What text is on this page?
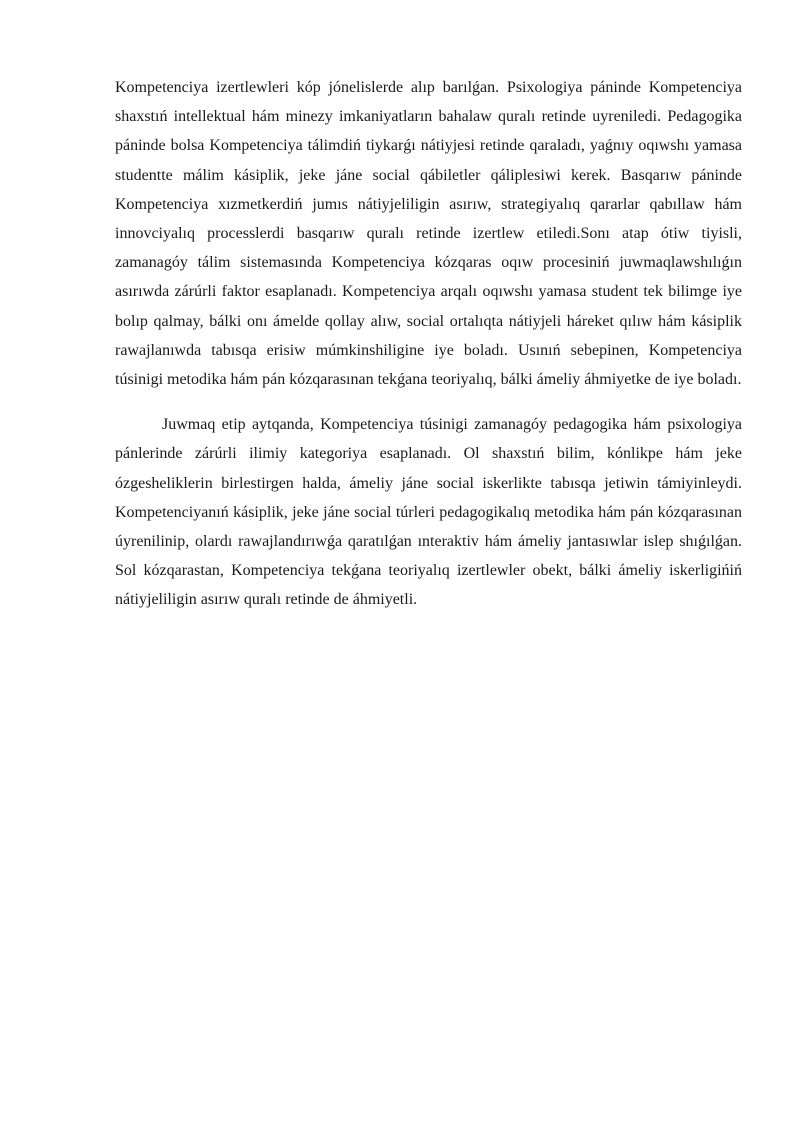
Kompetenciya izertlewleri kóp jónelislerde alıp barılǵan. Psixologiya páninde Kompetenciya shaxstıń intellektual hám minezy imkaniyatların bahalaw quralı retinde uyreniledi. Pedagogika páninde bolsa Kompetenciya tálimdiń tiykarǵı nátiyjesi retinde qaraladı, yaǵnıy oqıwshı yamasa studentte málim kásiplik, jeke jáne social qábiletler qáliplesiwi kerek. Basqarıw páninde Kompetenciya xızmetkerdiń jumıs nátiyjeliligin asırıw, strategiyalıq qararlar qabıllaw hám innovciyalıq processlerdi basqarıw quralı retinde izertlew etiledi.Sonı atap ótiw tiyisli, zamanagóy tálim sistemasında Kompetenciya kózqaras oqıw procesiniń juwmaqlawshılıǵın asırıwda zárúrli faktor esaplanadı. Kompetenciya arqalı oqıwshı yamasa student tek bilimge iye bolıp qalmay, bálki onı ámelde qollay alıw, social ortalıqta nátiyjeli háreket qılıw hám kásiplik rawajlanıwda tabısqa erisiw múmkinshiligine iye boladı. Usınıń sebepinen, Kompetenciya túsinigi metodika hám pán kózqarasınan tekǵana teoriyalıq, bálki ámeliy áhmiyetke de iye boladı.

Juwmaq etip aytqanda, Kompetenciya túsinigi zamanagóy pedagogika hám psixologiya pánlerinde zárúrli ilimiy kategoriya esaplanadı. Ol shaxstıń bilim, kónlikpe hám jeke ózgesheliklerin birlestirgen halda, ámeliy jáne social iskerlikte tabısqa jetiwin támiyinleydi. Kompetenciyanıń kásiplik, jeke jáne social túrleri pedagogikalıq metodika hám pán kózqarasınan úyrenilinip, olardı rawajlandırıwǵa qaratılǵan ınteraktiv hám ámeliy jantasıwlar islep shıǵılǵan. Sol kózqarastan, Kompetenciya tekǵana teoriyalıq izertlewler obekt, bálki ámeliy iskerligińiń nátiyjeliligin asırıw quralı retinde de áhmiyetli.
